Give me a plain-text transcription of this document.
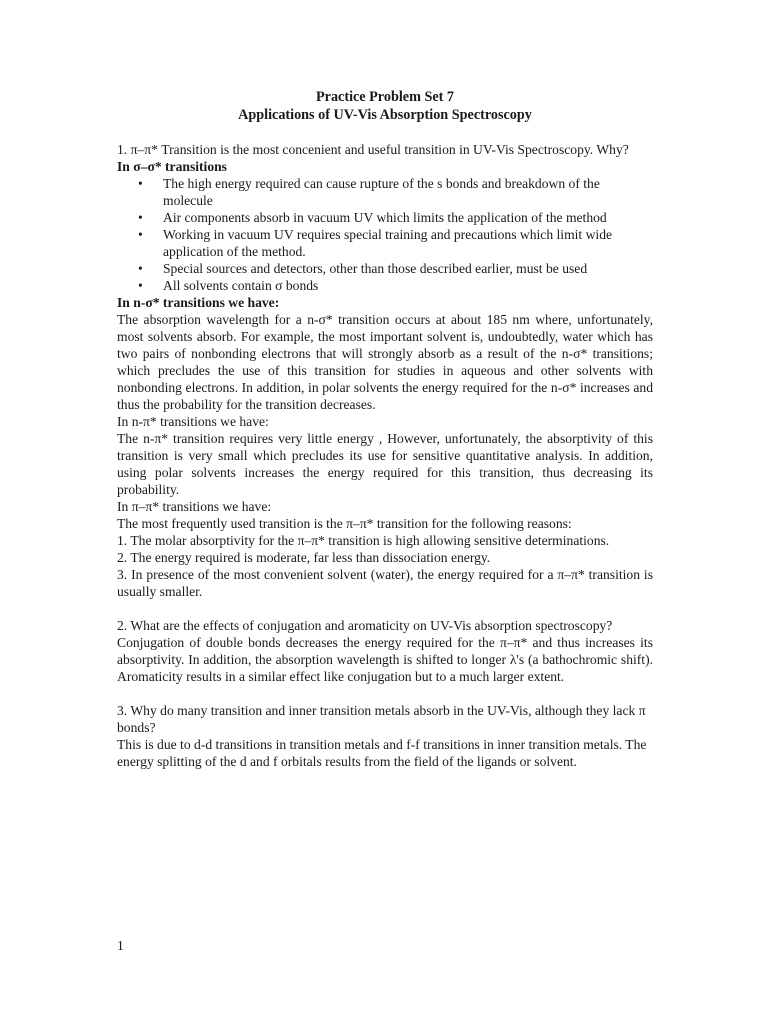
Practice Problem Set 7

Applications of UV-Vis Absorption Spectroscopy

1. π–π* Transition is the most concenient and useful transition in UV-Vis Spectroscopy. Why?

In σ–σ* transitions

• The high energy required can cause rupture of the s bonds and breakdown of the molecule
• Air components absorb in vacuum UV which limits the application of the method
• Working in vacuum UV requires special training and precautions which limit wide application of the method.
• Special sources and detectors, other than those described earlier, must be used
• All solvents contain σ bonds

In n-σ* transitions we have:

The absorption wavelength for a n-σ* transition occurs at about 185 nm where, unfortunately, most solvents absorb. For example, the most important solvent is, undoubtedly, water which has two pairs of nonbonding electrons that will strongly absorb as a result of the n-σ* transitions; which precludes the use of this transition for studies in aqueous and other solvents with nonbonding electrons. In addition, in polar solvents the energy required for the n-σ* increases and thus the probability for the transition decreases.

In n-π* transitions we have:

The n-π* transition requires very little energy , However, unfortunately, the absorptivity of this transition is very small which precludes its use for sensitive quantitative analysis. In addition, using polar solvents increases the energy required for this transition, thus decreasing its probability.

In π–π* transitions we have:

The most frequently used transition is the π–π* transition for the following reasons:

1. The molar absorptivity for the π–π* transition is high allowing sensitive determinations.

2. The energy required is moderate, far less than dissociation energy.

3. In presence of the most convenient solvent (water), the energy required for a π–π* transition is usually smaller.

2. What are the effects of conjugation and aromaticity on UV-Vis absorption spectroscopy?

Conjugation of double bonds decreases the energy required for the π–π* and thus increases its absorptivity. In addition, the absorption wavelength is shifted to longer λ's (a bathochromic shift). Aromaticity results in a similar effect like conjugation but to a much larger extent.

3. Why do many transition and inner transition metals absorb in the UV-Vis, although they lack π bonds?

This is due to d-d transitions in transition metals and f-f transitions in inner transition metals. The energy splitting of the d and f orbitals results from the field of the ligands or solvent.

1
